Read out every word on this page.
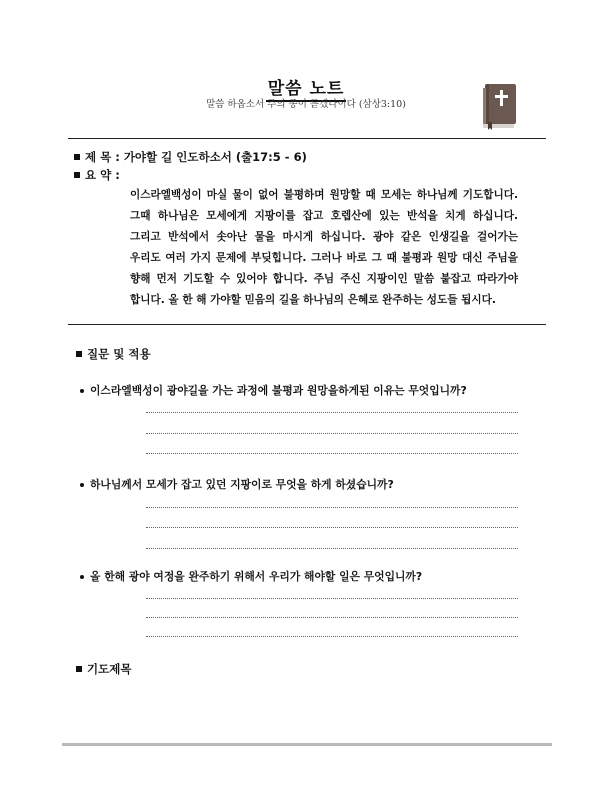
말씀 노트
말씀 하옵소서 주의 종이 듣겠나이다 (삼상3:10)
제 목 : 가야할 길 인도하소서 (출17:5 - 6)
요 약 :
이스라엘백성이 마실 물이 없어 불평하며 원망할 때 모세는 하나님께 기도합니다. 그때 하나님은 모세에게 지팡이를 잡고 호렙산에 있는 반석을 치게 하십니다. 그리고 반석에서 솟아난 물을 마시게 하십니다. 광야 같은 인생길을 걸어가는 우리도 여러 가지 문제에 부딪힙니다. 그러나 바로 그 때 불평과 원망 대신 주님을 향해 먼저 기도할 수 있어야 합니다. 주님 주신 지팡이인 말씀 붙잡고 따라가야 합니다. 올 한 해 가야할 믿음의 길을 하나님의 은혜로 완주하는 성도들 됩시다.
질문 및 적용
이스라엘백성이 광야길을 가는 과정에 불평과 원망을하게된 이유는 무엇입니까?
하나님께서 모세가 잡고 있던 지팡이로 무엇을 하게 하셨습니까?
올 한해 광야 여정을 완주하기 위해서 우리가 해야할 일은 무엇입니까?
기도제목
